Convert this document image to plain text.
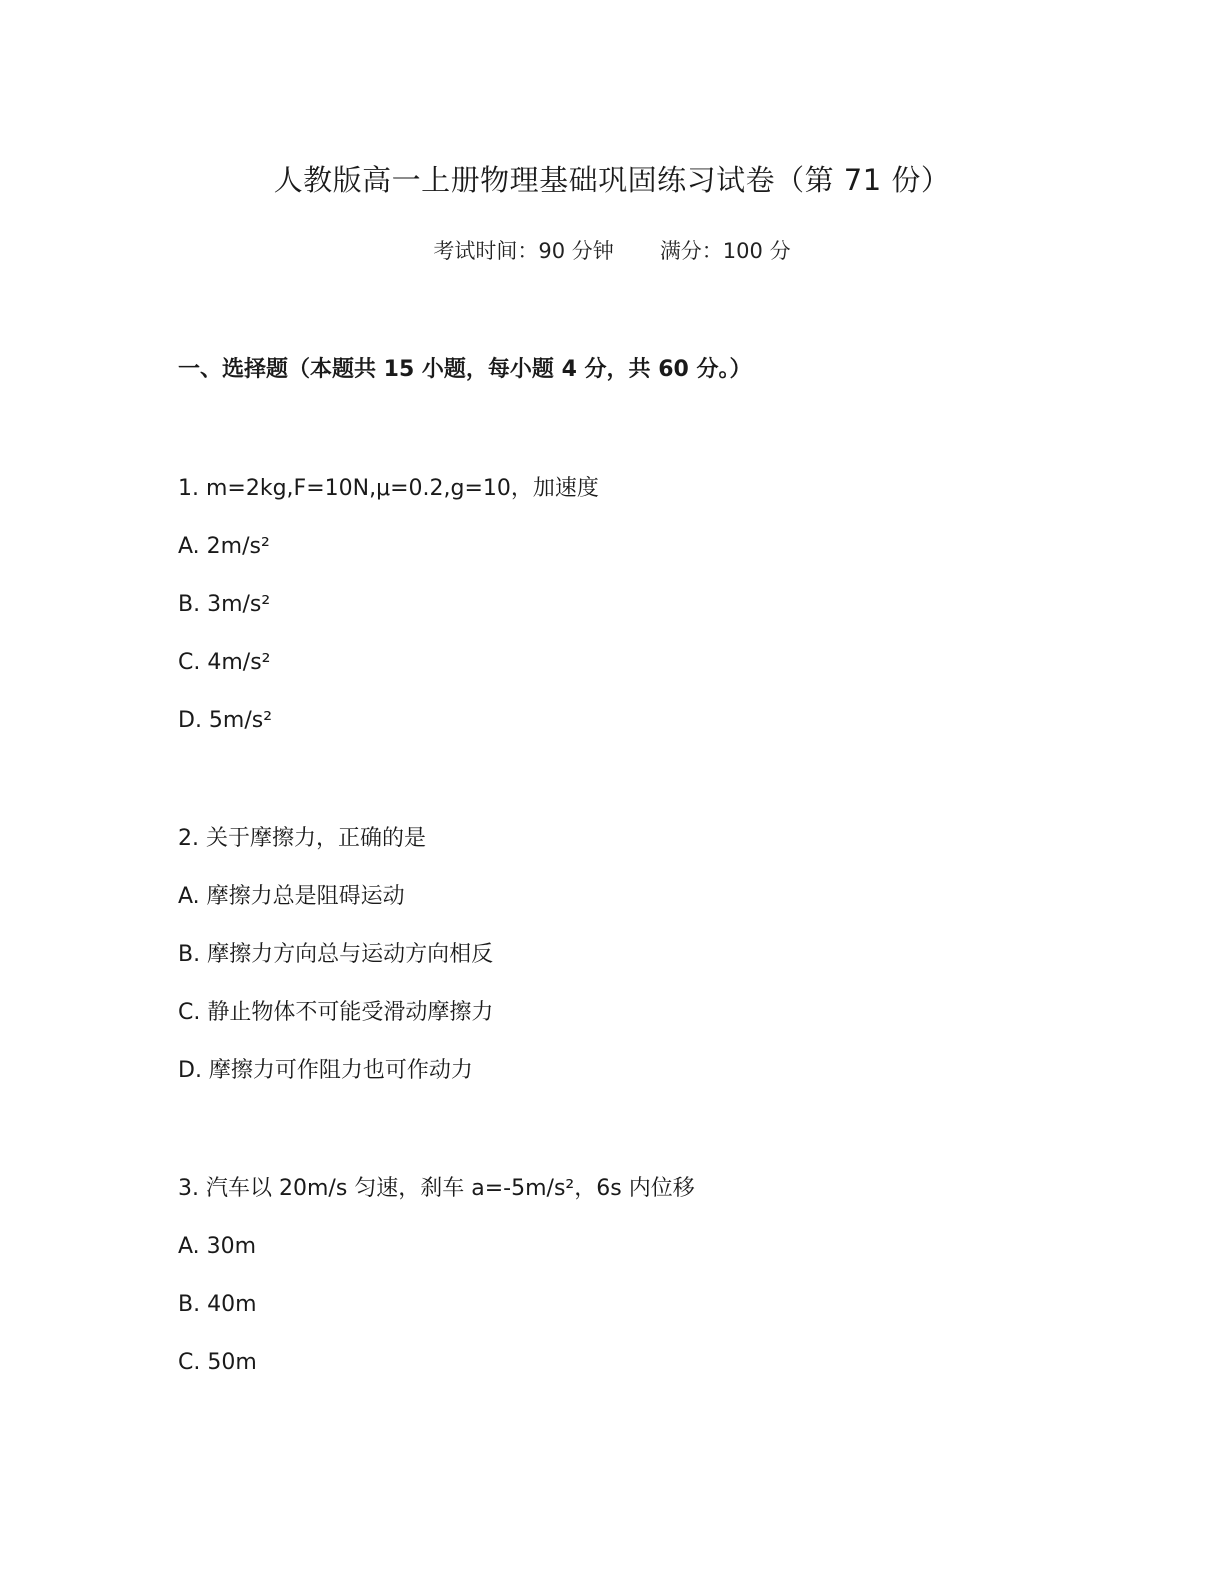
人教版高一上册物理基础巩固练习试卷（第 71 份）
考试时间：90 分钟 满分：100 分
一、选择题（本题共 15 小题，每小题 4 分，共 60 分。）
1. m=2kg,F=10N,μ=0.2,g=10，加速度
A. 2m/s²
B. 3m/s²
C. 4m/s²
D. 5m/s²
2. 关于摩擦力，正确的是
A. 摩擦力总是阻碍运动
B. 摩擦力方向总与运动方向相反
C. 静止物体不可能受滑动摩擦力
D. 摩擦力可作阻力也可作动力
3. 汽车以 20m/s 匀速，刹车 a=-5m/s²，6s 内位移
A. 30m
B. 40m
C. 50m
